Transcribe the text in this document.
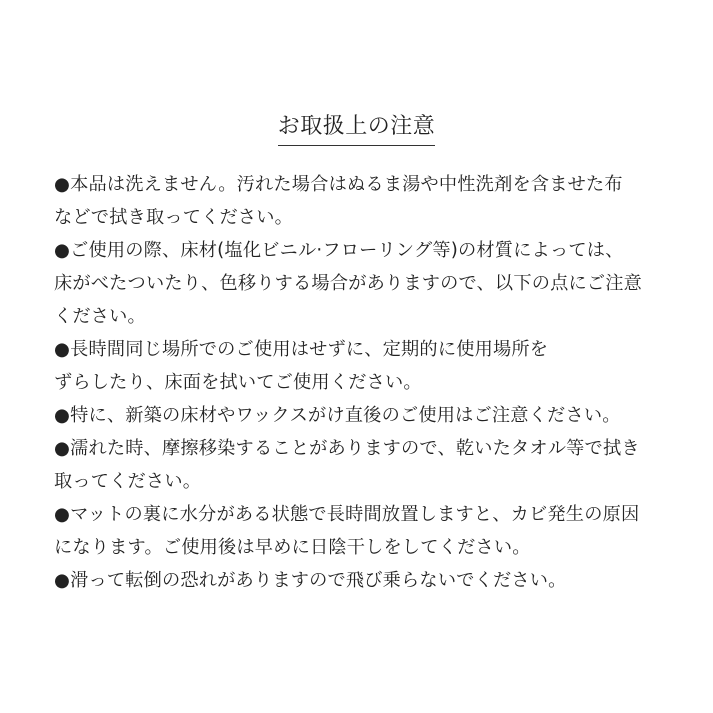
お取扱上の注意
●本品は洗えません。汚れた場合はぬるま湯や中性洗剤を含ませた布
などで拭き取ってください。
●ご使用の際、床材(塩化ビニル·フローリング等)の材質によっては、
床がべたついたり、色移りする場合がありますので、以下の点にご注意
ください。
●長時間同じ場所でのご使用はせずに、定期的に使用場所を
ずらしたり、床面を拭いてご使用ください。
●特に、新築の床材やワックスがけ直後のご使用はご注意ください。
●濡れた時、摩擦移染することがありますので、乾いたタオル等で拭き
取ってください。
●マットの裏に水分がある状態で長時間放置しますと、カビ発生の原因
になります。ご使用後は早めに日陰干しをしてください。
●滑って転倒の恐れがありますので飛び乗らないでください。
